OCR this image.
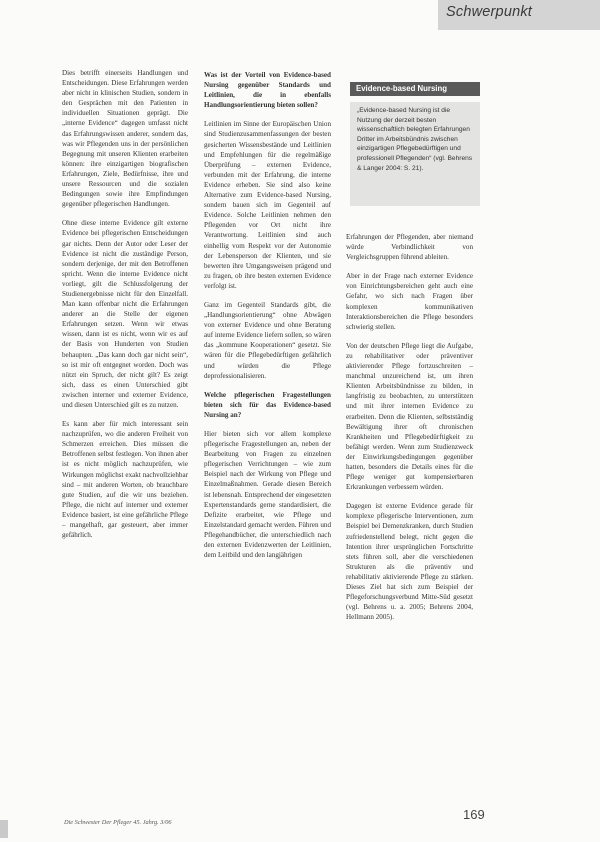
Schwerpunkt

Dies betrifft einerseits Handlungen und Entscheidungen. Diese Erfahrungen werden aber nicht in klinischen Studien, sondern in den Gesprächen mit den Patienten in individuellen Situationen geprägt. Die „interne Evidence“ dagegen umfasst nicht das Erfahrungswissen anderer, sondern das, was wir Pflegenden uns in der persönlichen Begegnung mit unseren Klienten erarbeiten können: ihre einzigartigen biografischen Erfahrungen, Ziele, Bedürfnisse, ihre und unsere Ressourcen und die sozialen Bedingungen sowie ihre Empfindungen gegenüber pflegerischen Handlungen.

Ohne diese interne Evidence gilt externe Evidence bei pflegerischen Entscheidungen gar nichts. Denn der Autor oder Leser der Evidence ist nicht die zuständige Person, sondern derjenige, der mit den Betroffenen spricht. Wenn die interne Evidence nicht vorliegt, gilt die Schlussfolgerung der Studienergebnisse nicht für den Einzelfall. Man kann offenbar nicht die Erfahrungen anderer an die Stelle der eigenen Erfahrungen setzen. Wenn wir etwas wissen, dann ist es nicht, wenn wir es auf der Basis von Hunderten von Studien behaupten. „Das kann doch gar nicht sein“, so ist mir oft entgegnet worden. Doch was nützt ein Spruch, der nicht gilt? Es zeigt sich, dass es einen Unterschied gibt zwischen interner und externer Evidence, und diesen Unterschied gilt es zu nutzen.

Es kann aber für mich interessant sein nachzuprüfen, wo die anderen Freiheit von Schmerzen erreichen. Dies müssen die Betroffenen selbst festlegen. Von ihnen aber ist es nicht möglich nachzuprüfen, wie Wirkungen möglichst exakt nachvollziehbar sind – mit anderen Worten, ob brauchbare gute Studien, auf die wir uns beziehen. Pflege, die nicht auf interner und externer Evidence basiert, ist eine gefährliche Pflege – mangelhaft, gar gesteuert, aber immer gefährlich.

Was ist der Vorteil von Evidence-based Nursing gegenüber Standards und Leitlinien, die in ebenfalls Handlungsorientierung bieten sollen?

Leitlinien im Sinne der Europäischen Union sind Studienzusammenfassungen der besten gesicherten Wissensbestände und Leitlinien und Empfehlungen für die regelmäßige Überprüfung – externen Evidence, verbunden mit der Erfahrung, die interne Evidence erheben. Sie sind also keine Alternative zum Evidence-based Nursing, sondern bauen sich im Gegenteil auf Evidence. Solche Leitlinien nehmen den Pflegenden vor Ort nicht ihre Verantwortung. Leitlinien sind auch einhellig vom Respekt vor der Autonomie der Lebensperson der Klienten, und sie bewerten ihre Umgangsweisen prägend und zu fragen, ob ihre besten externen Evidence verfolgt ist.

Ganz im Gegenteil Standards gibt, die „Handlungsorientierung“ ohne Abwägen von externer Evidence und ohne Beratung auf interne Evidence liefern sollen, so wären das „kommune Kooperationen“ gesetzt. Sie wären für die Pflegebedürftigen gefährlich und würden die Pflege deprofessionalisieren.

Welche pflegerischen Fragestellungen bieten sich für das Evidence-based Nursing an?

Hier bieten sich vor allem komplexe pflegerische Fragestellungen an, neben der Bearbeitung von Fragen zu einzelnen pflegerischen Verrichtungen – wie zum Beispiel nach der Wirkung von Pflege und Einzelmaßnahmen. Gerade diesen Bereich ist lebensnah. Entsprechend der eingesetzten Expertenstandards gerne standardisiert, die Defizite erarbeitet, wie Pflege und Einzelstandard gemacht werden. Führen und Pflegehandbücher, die unterschiedlich nach den externen Evidenzwerten der Leitlinien, dem Leitbild und den langjährigen

Evidence-based Nursing
„Evidence-based Nursing ist die Nutzung der derzeit besten wissenschaftlich belegten Erfahrungen Dritter im Arbeitsbündnis zwischen einzigartigen Pflegebedürftigen und professionell Pflegenden“ (vgl. Behrens & Langer 2004: S. 21).

Erfahrungen der Pflegenden, aber niemand würde Verbindlichkeit von Vergleichsgruppen führend ableiten.

Aber in der Frage nach externer Evidence von Einrichtungsbereichen geht auch eine Gefahr, wo sich nach Fragen über komplexen kommunikativen Interaktionsbereichen die Pflege besonders schwierig stellen.

Von der deutschen Pflege liegt die Aufgabe, zu rehabilitativer oder präventiver aktivierender Pflege fortzuschreiten – manchmal unzureichend ist, um ihren Klienten Arbeitsbündnisse zu bilden, in langfristig zu beobachten, zu unterstützen und mit ihrer internen Evidence zu erarbeiten. Denn die Klienten, selbstständig Bewältigung ihrer oft chronischen Krankheiten und Pflegebedürftigkeit zu befähigt werden. Wenn zum Studienzweck der Einwirkungsbedingungen gegenüber hatten, besonders die Details eines für die Pflege weniger gut kompensierbaren Erkrankungen verbessern würden.

Dagegen ist externe Evidence gerade für komplexe pflegerische Interventionen, zum Beispiel bei Demenzkranken, durch Studien zufriedenstellend belegt, nicht gegen die Intention ihrer ursprünglichen Fortschritte stets führen soll, aber die verschiedenen Strukturen als die präventiv und rehabilitativ aktivierende Pflege zu stärken. Dieses Ziel hat sich zum Beispiel der Pflegeforschungsverbund Mitte-Süd gesetzt (vgl. Behrens u. a. 2005; Behrens 2004, Hellmann 2005).

Die Schwester Der Pfleger 45. Jahrg. 3/06
169
